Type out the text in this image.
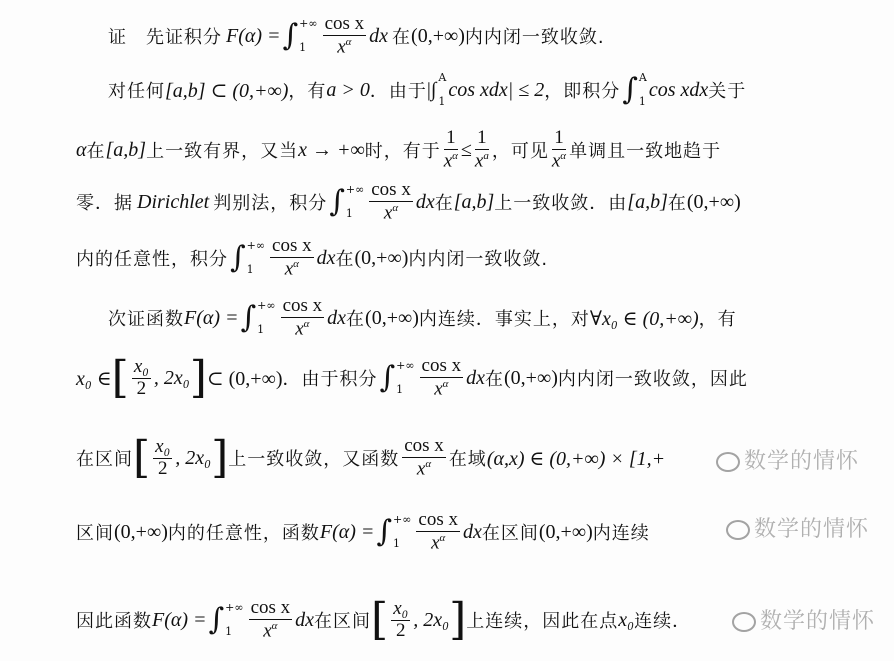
证　先证积分 F(α) = ∫ +∞
$1 \frac{\text{cos x}}{x^\alpha}$ dx 在 (0,+∞) 内内闭一致收敛.
对任何 [a,b] ⊂ (0,+∞) ，有 a > 0 ．由于 |∫
A
1
cos xdx| ≤ 2 ，即积分 ∫ A
1
cos xdx 关于
α 在 [a,b] 上一致有界，又当 x → +∞ 时，有于 $\frac{1}{x^\alpha} \le \frac{1}{x^a}$ ，可见 $\frac{1}{x^\alpha}$ 单调且一致地趋于
零．据 Dirichlet 判别法，积分 ∫ +∞
$1 \frac{\text{cos x}}{x^\alpha}$ dx 在 [a,b] 上一致收敛．由 [a,b] 在 (0,+∞)
内的任意性，积分 ∫ +∞
$1 \frac{\text{cos x}}{x^\alpha}$ dx 在 (0,+∞) 内内闭一致收敛.
次证函数 F(α) = ∫ +∞
$1 \frac{\text{cos x}}{x^\alpha}$ dx 在 (0,+∞) 内连续．事实上，对 ∀x₀ ∈ (0,+∞) ，有
x₀ ∈ [ $\frac{\text{x₀}}{2}$ , 2x₀ ] ⊂ (0,+∞) ．由于积分 ∫ +∞
$1 \frac{\text{cos x}}{x^\alpha}$ dx 在 (0,+∞) 内内闭一致收敛，因此
在区间 [ $\frac{\text{x₀}}{2}$ , 2x₀ ] 上一致收敛，又函数 $\frac{\text{cos x}}{x^\alpha}$ 在域 (α,x) ∈ (0,+∞) × [1,+
区间 (0,+∞) 内的任意性，函数 F(α) = ∫ +∞
$1 \frac{\text{cos x}}{x^\alpha}$ dx 在区间 (0,+∞) 内连续
因此函数 F(α) = ∫ +∞
$1 \frac{\text{cos x}}{x^\alpha}$ dx 在区间 [ $\frac{\text{x₀}}{2}$ , 2x₀ ] 上连续，因此在点 x₀ 连续．
数学的情怀
数学的情怀
数学的情怀
